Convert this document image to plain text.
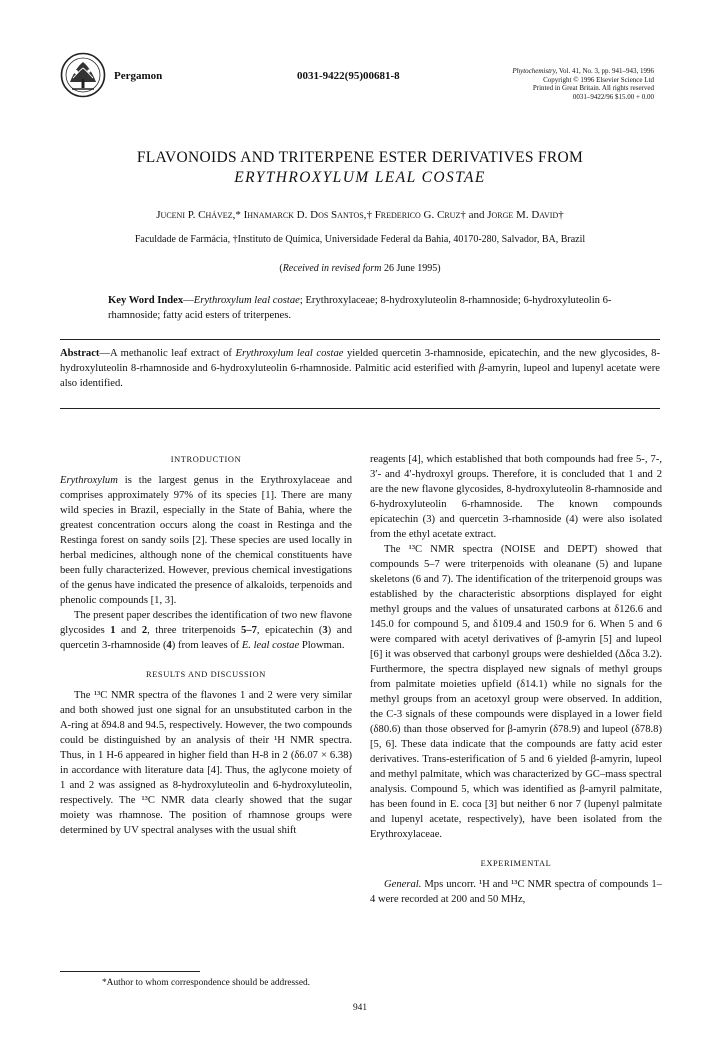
Pergamon	0031-9422(95)00681-8	Phytochemistry, Vol. 41, No. 3, pp. 941–943, 1996
Copyright © 1996 Elsevier Science Ltd
Printed in Great Britain. All rights reserved
0031–9422/96 $15.00 + 0.00
FLAVONOIDS AND TRITERPENE ESTER DERIVATIVES FROM
ERYTHROXYLUM LEAL COSTAE
Juceni P. Chávez,* Ihnamarck D. Dos Santos,† Frederico G. Cruz† and Jorge M. David†
Faculdade de Farmácia, †Instituto de Química, Universidade Federal da Bahia, 40170-280, Salvador, BA, Brazil
(Received in revised form 26 June 1995)
Key Word Index—Erythroxylum leal costae; Erythroxylaceae; 8-hydroxyluteolin 8-rhamnoside; 6-hydroxyluteolin 6-rhamnoside; fatty acid esters of triterpenes.
Abstract—A methanolic leaf extract of Erythroxylum leal costae yielded quercetin 3-rhamnoside, epicatechin, and the new glycosides, 8-hydroxyluteolin 8-rhamnoside and 6-hydroxyluteolin 6-rhamnoside. Palmitic acid esterified with β-amyrin, lupeol and lupenyl acetate were also identified.

INTRODUCTION

Erythroxylum is the largest genus in the Erythroxylaceae and comprises approximately 97% of its species [1]. There are many wild species in Brazil, especially in the State of Bahia, where the greatest concentration occurs along the coast in Restinga and the Restinga forest on sandy soils [2]. These species are used locally in herbal medicines, although none of the chemical constituents have been fully characterized. However, previous chemical investigations of the genus have indicated the presence of alkaloids, terpenoids and phenolic compounds [1, 3].

The present paper describes the identification of two new flavone glycosides 1 and 2, three triterpenoids 5–7, epicatechin (3) and quercetin 3-rhamnoside (4) from leaves of E. leal costae Plowman.

RESULTS AND DISCUSSION

The ¹³C NMR spectra of the flavones 1 and 2 were very similar and both showed just one signal for an unsubstituted carbon in the A-ring at δ94.8 and 94.5, respectively. However, the two compounds could be distinguished by an analysis of their ¹H NMR spectra. Thus, in 1 H-6 appeared in higher field than H-8 in 2 (δ6.07 × 6.38) in accordance with literature data [4]. Thus, the aglycone moiety of 1 and 2 was assigned as 8-hydroxyluteolin and 6-hydroxyluteolin, respectively. The ¹³C NMR data clearly showed that the sugar moiety was rhamnose. The position of rhamnose groups were determined by UV spectral analyses with the usual shift

reagents [4], which established that both compounds had free 5-, 7-, 3′- and 4′-hydroxyl groups. Therefore, it is concluded that 1 and 2 are the new flavone glycosides, 8-hydroxyluteolin 8-rhamnoside and 6-hydroxyluteolin 6-rhamnoside. The known compounds epicatechin (3) and quercetin 3-rhamnoside (4) were also isolated from the ethyl acetate extract.

The ¹³C NMR spectra (NOISE and DEPT) showed that compounds 5–7 were triterpenoids with oleanane (5) and lupane skeletons (6 and 7). The identification of the triterpenoid groups was established by the characteristic absorptions displayed for eight methyl groups and the values of unsaturated carbons at δ126.6 and 145.0 for compound 5, and δ109.4 and 150.9 for 6. When 5 and 6 were compared with acetyl derivatives of β-amyrin [5] and lupeol [6] it was observed that carbonyl groups were deshielded (Δδca 3.2). Furthermore, the spectra displayed new signals of methyl groups from palmitate moieties upfield (δ14.1) while no signals for the methyl groups from an acetoxyl group were observed. In addition, the C-3 signals of these compounds were displayed in a lower field (δ80.6) than those observed for β-amyrin (δ78.9) and lupeol (δ78.8) [5, 6]. These data indicate that the compounds are fatty acid ester derivatives. Trans-esterification of 5 and 6 yielded β-amyrin, lupeol and methyl palmitate, which was characterized by GC–mass spectral analysis. Compound 5, which was identified as β-amyril palmitate, has been found in E. coca [3] but neither 6 nor 7 (lupenyl palmitate and lupenyl acetate, respectively), have been isolated from the Erythroxylaceae.

EXPERIMENTAL

General. Mps uncorr. ¹H and ¹³C NMR spectra of compounds 1–4 were recorded at 200 and 50 MHz,

*Author to whom correspondence should be addressed.
941
